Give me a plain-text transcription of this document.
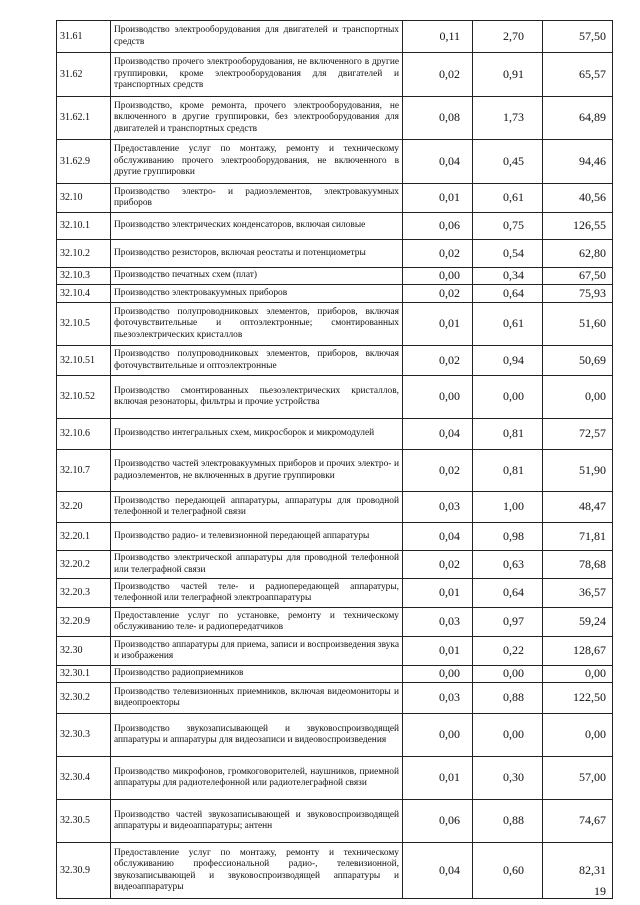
31.61	Производство электрооборудования для двигателей и транспортных средств	0,11	2,70	57,50
31.62	Производство прочего электрооборудования, не включенного в другие группировки, кроме электрооборудования для двигателей и транспортных средств	0,02	0,91	65,57
31.62.1	Производство, кроме ремонта, прочего электрооборудования, не включенного в другие группировки, без электрооборудования для двигателей и транспортных средств	0,08	1,73	64,89
31.62.9	Предоставление услуг по монтажу, ремонту и техническому обслуживанию прочего электрооборудования, не включенного в другие группировки	0,04	0,45	94,46
32.10	Производство электро- и радиоэлементов, электровакуумных приборов	0,01	0,61	40,56
32.10.1	Производство электрических конденсаторов, включая силовые	0,06	0,75	126,55
32.10.2	Производство резисторов, включая реостаты и потенциометры	0,02	0,54	62,80
32.10.3	Производство печатных схем (плат)	0,00	0,34	67,50
32.10.4	Производство электровакуумных приборов	0,02	0,64	75,93
32.10.5	Производство полупроводниковых элементов, приборов, включая фоточувствительные и оптоэлектронные; смонтированных пьезоэлектрических кристаллов	0,01	0,61	51,60
32.10.51	Производство полупроводниковых элементов, приборов, включая фоточувствительные и оптоэлектронные	0,02	0,94	50,69
32.10.52	Производство смонтированных пьезоэлектрических кристаллов, включая резонаторы, фильтры и прочие устройства	0,00	0,00	0,00
32.10.6	Производство интегральных схем, микросборок и микромодулей	0,04	0,81	72,57
32.10.7	Производство частей электровакуумных приборов и прочих электро- и радиоэлементов, не включенных в другие группировки	0,02	0,81	51,90
32.20	Производство передающей аппаратуры, аппаратуры для проводной телефонной и телеграфной связи	0,03	1,00	48,47
32.20.1	Производство радио- и телевизионной передающей аппаратуры	0,04	0,98	71,81
32.20.2	Производство электрической аппаратуры для проводной телефонной или телеграфной связи	0,02	0,63	78,68
32.20.3	Производство частей теле- и радиопередающей аппаратуры, телефонной или телеграфной электроаппаратуры	0,01	0,64	36,57
32.20.9	Предоставление услуг по установке, ремонту и техническому обслуживанию теле- и радиопередатчиков	0,03	0,97	59,24
32.30	Производство аппаратуры для приема, записи и воспроизведения звука и изображения	0,01	0,22	128,67
32.30.1	Производство радиоприемников	0,00	0,00	0,00
32.30.2	Производство телевизионных приемников, включая видеомониторы и видеопроекторы	0,03	0,88	122,50
32.30.3	Производство звукозаписывающей и звуковоспроизводящей аппаратуры и аппаратуры для видеозаписи и видеовоспроизведения	0,00	0,00	0,00
32.30.4	Производство микрофонов, громкоговорителей, наушников, приемной аппаратуры для радиотелефонной или радиотелеграфной связи	0,01	0,30	57,00
32.30.5	Производство частей звукозаписывающей и звуковоспроизводящей аппаратуры и видеоаппаратуры; антенн	0,06	0,88	74,67
32.30.9	Предоставление услуг по монтажу, ремонту и техническому обслуживанию профессиональной радио-, телевизионной, звукозаписывающей и звуковоспроизводящей аппаратуры и видеоаппаратуры	0,04	0,60	82,31
19
